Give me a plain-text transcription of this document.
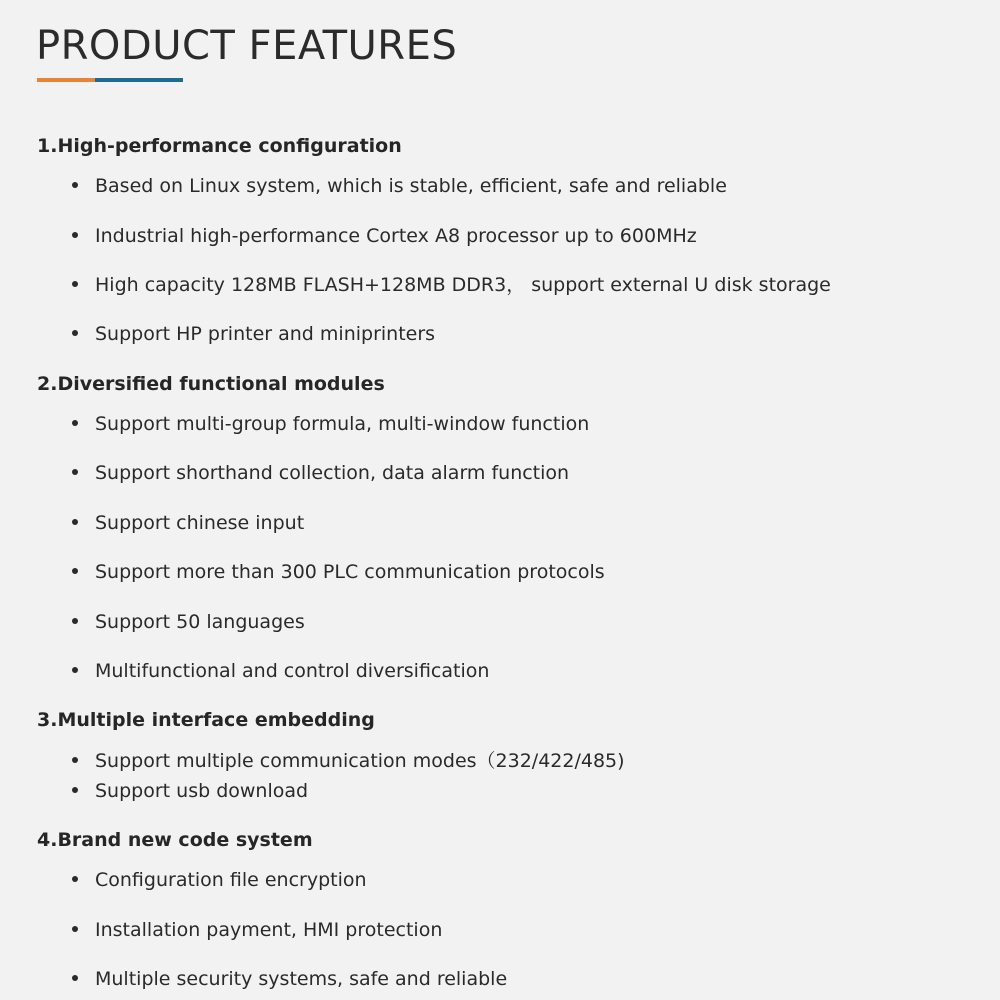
PRODUCT FEATURES
1.High-performance configuration
Based on Linux system, which is stable, efficient, safe and reliable
Industrial high-performance Cortex A8 processor up to 600MHz
High capacity 128MB FLASH+128MB DDR3， support external U disk storage
Support HP printer and miniprinters
2.Diversified functional modules
Support multi-group formula, multi-window function
Support shorthand collection, data alarm function
Support chinese input
Support more than 300 PLC communication protocols
Support 50 languages
Multifunctional and control diversification
3.Multiple interface embedding
Support multiple communication modes（232/422/485)
Support usb download
4.Brand new code system
Configuration file encryption
Installation payment, HMI protection
Multiple security systems, safe and reliable
